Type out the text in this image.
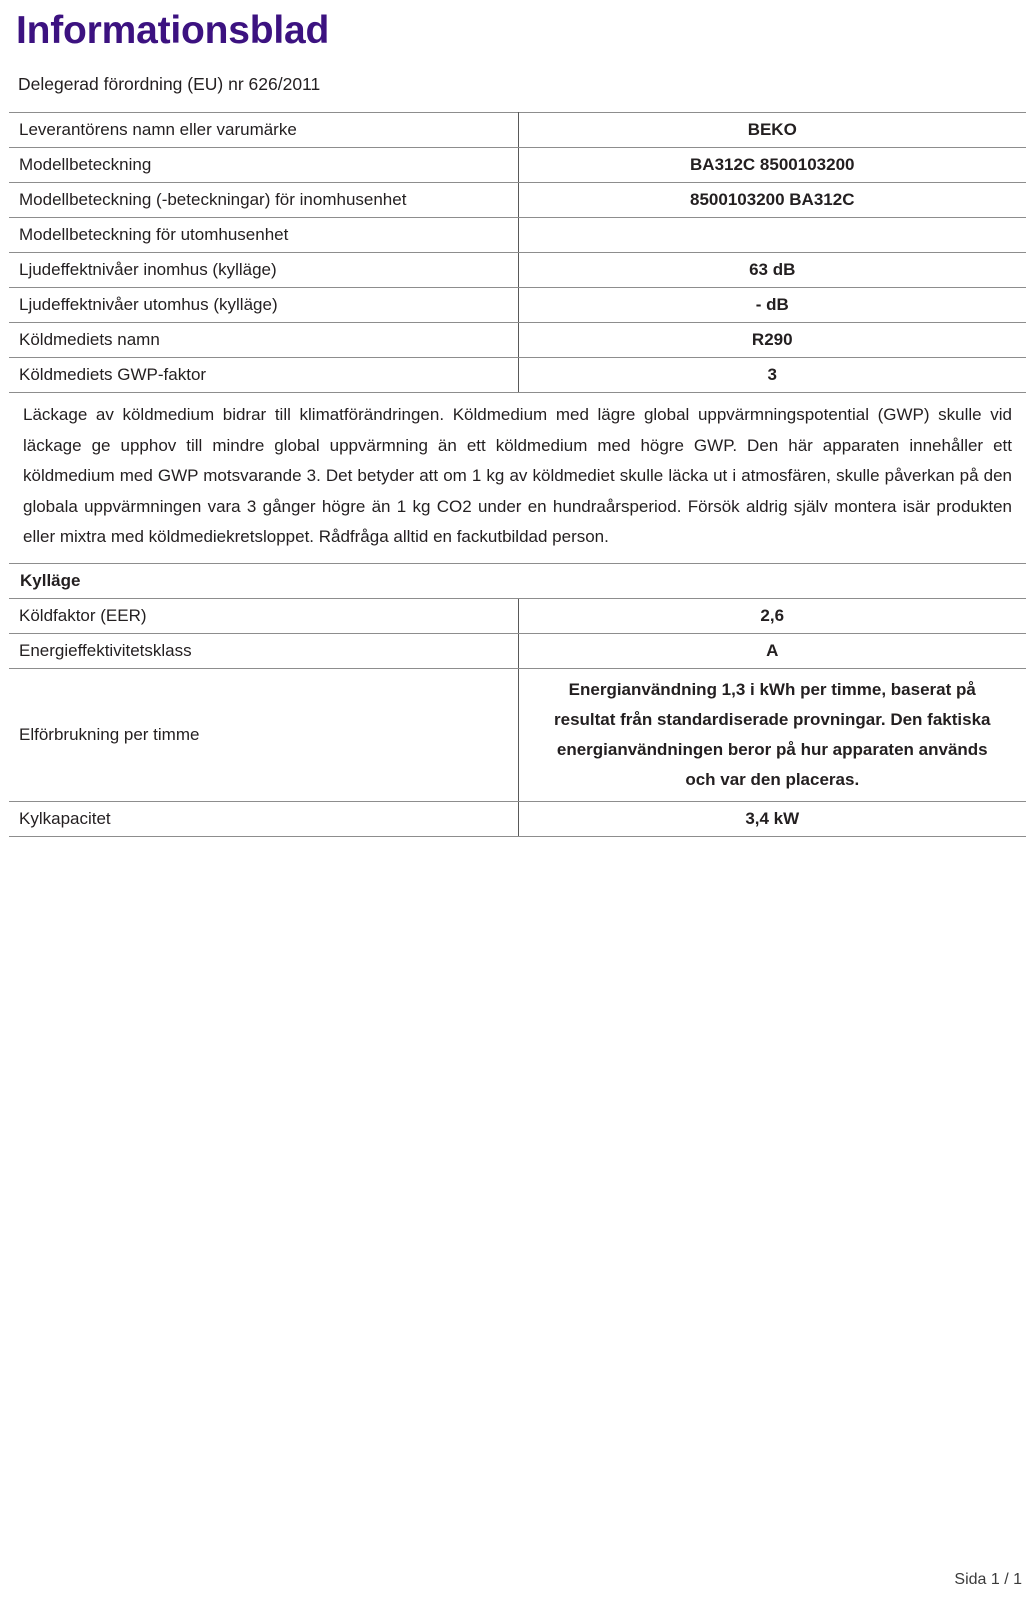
Informationsblad
Delegerad förordning (EU) nr 626/2011
Leverantörens namn eller varumärke	BEKO
Modellbeteckning	BA312C 8500103200
Modellbeteckning (-beteckningar) för inomhusenhet	8500103200 BA312C
Modellbeteckning för utomhusenhet	
Ljudeffektnivåer inomhus (kylläge)	63 dB
Ljudeffektnivåer utomhus (kylläge)	- dB
Köldmediets namn	R290
Köldmediets GWP-faktor	3

Läckage av köldmedium bidrar till klimatförändringen. Köldmedium med lägre global uppvärmningspotential (GWP) skulle vid läckage ge upphov till mindre global uppvärmning än ett köldmedium med högre GWP. Den här apparaten innehåller ett köldmedium med GWP motsvarande 3. Det betyder att om 1 kg av köldmediet skulle läcka ut i atmosfären, skulle påverkan på den globala uppvärmningen vara 3 gånger högre än 1 kg CO2 under en hundraårsperiod. Försök aldrig själv montera isär produkten eller mixtra med köldmediekretsloppet. Rådfråga alltid en fackutbildad person.	

Kylläge	
Köldfaktor (EER)	2,6
Energieffektivitetsklass	A
Elförbrukning per timme	Energianvändning 1,3 i kWh per timme, baserat på resultat från standardiserade provningar. Den faktiska energianvändningen beror på hur apparaten används och var den placeras.

Kylkapacitet	3,4 kW
Sida 1 / 1
